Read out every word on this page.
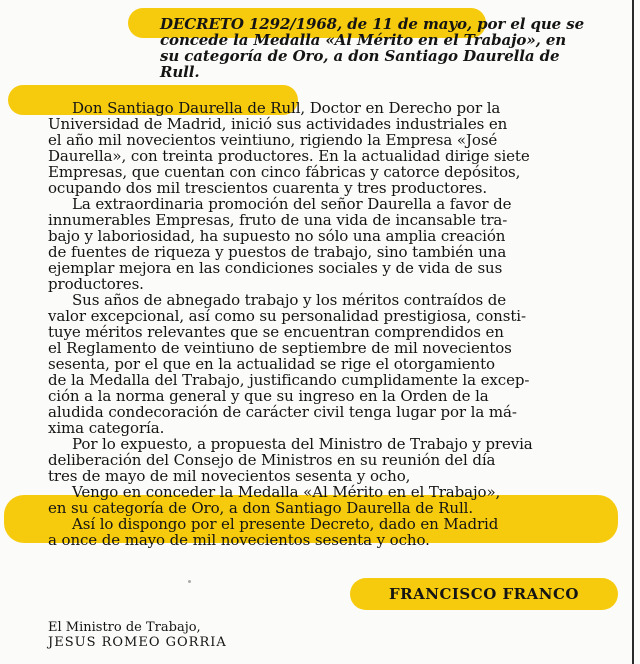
DECRETO 1292/1968, de 11 de mayo, por el que se
concede la Medalla «Al Mérito en el Trabajo», en
su categoría de Oro, a don Santiago Daurella de
Rull.
Don Santiago Daurella de Rull, Doctor en Derecho por la
Universidad de Madrid, inició sus actividades industriales en
el año mil novecientos veintiuno, rigiendo la Empresa «José
Daurella», con treinta productores. En la actualidad dirige siete
Empresas, que cuentan con cinco fábricas y catorce depósitos,
ocupando dos mil trescientos cuarenta y tres productores.
La extraordinaria promoción del señor Daurella a favor de
innumerables Empresas, fruto de una vida de incansable tra-
bajo y laboriosidad, ha supuesto no sólo una amplia creación
de fuentes de riqueza y puestos de trabajo, sino también una
ejemplar mejora en las condiciones sociales y de vida de sus
productores.
Sus años de abnegado trabajo y los méritos contraídos de
valor excepcional, así como su personalidad prestigiosa, consti-
tuye méritos relevantes que se encuentran comprendidos en
el Reglamento de veintiuno de septiembre de mil novecientos
sesenta, por el que en la actualidad se rige el otorgamiento
de la Medalla del Trabajo, justificando cumplidamente la excep-
ción a la norma general y que su ingreso en la Orden de la
aludida condecoración de carácter civil tenga lugar por la má-
xima categoría.
Por lo expuesto, a propuesta del Ministro de Trabajo y previa
deliberación del Consejo de Ministros en su reunión del día
tres de mayo de mil novecientos sesenta y ocho,
Vengo en conceder la Medalla «Al Mérito en el Trabajo»,
en su categoría de Oro, a don Santiago Daurella de Rull.
Así lo dispongo por el presente Decreto, dado en Madrid
a once de mayo de mil novecientos sesenta y ocho.
FRANCISCO FRANCO
El Ministro de Trabajo,
JESUS ROMEO GORRIA
